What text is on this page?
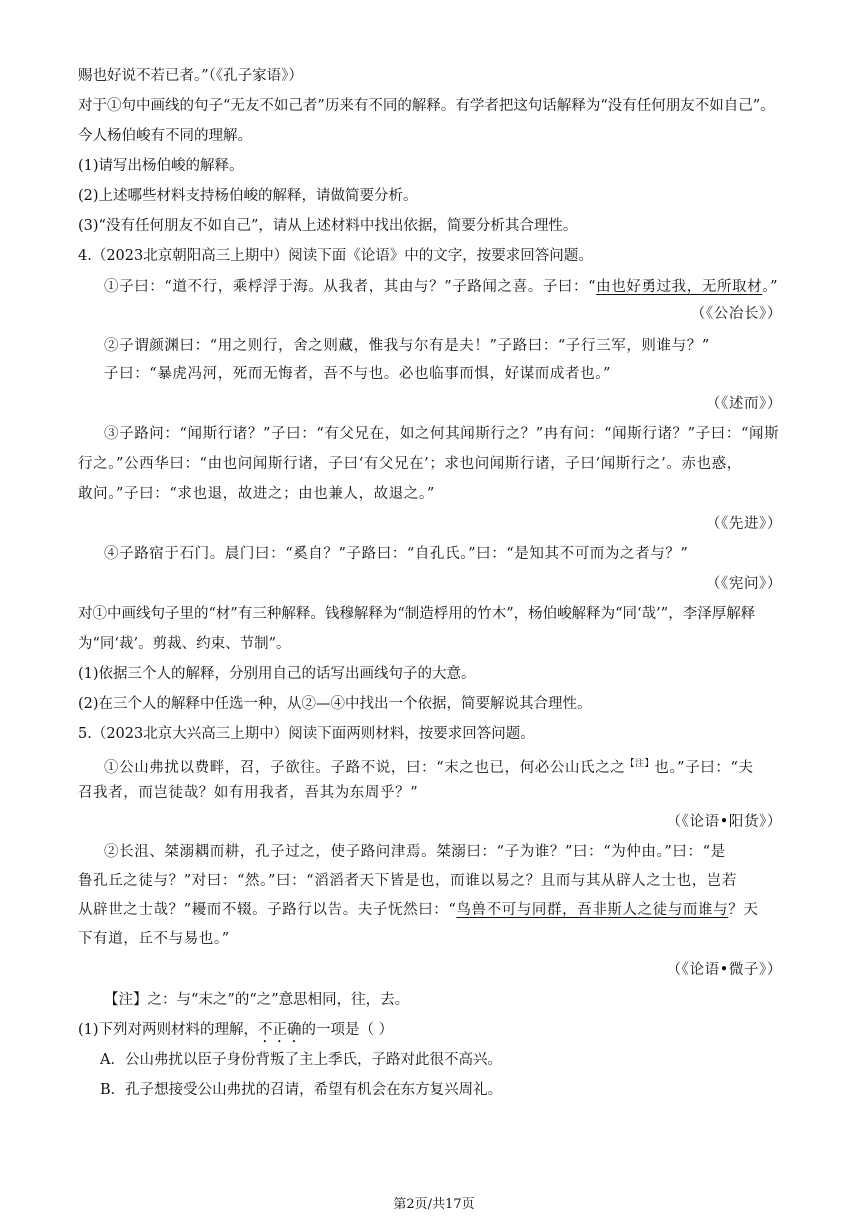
赐也好说不若已者。”（《孔子家语》）
对于①句中画线的句子“无友不如己者”历来有不同的解释。有学者把这句话解释为“没有任何朋友不如自己”。
今人杨伯峻有不同的理解。
(1)请写出杨伯峻的解释。
(2)上述哪些材料支持杨伯峻的解释，请做简要分析。
(3)“没有任何朋友不如自己”，请从上述材料中找出依据，简要分析其合理性。
4.（2023北京朝阳高三上期中）阅读下面《论语》中的文字，按要求回答问题。
①子曰：“道不行，乘桴浮于海。从我者，其由与？”子路闻之喜。子曰：“由也好勇过我，无所取材。”
（《公冶长》）
②子谓颜渊曰：“用之则行，舍之则藏，惟我与尔有是夫！”子路曰：“子行三军，则谁与？”
子曰：“暴虎冯河，死而无悔者，吾不与也。必也临事而惧，好谋而成者也。”
（《述而》）
③子路问：“闻斯行诸？”子曰：“有父兄在，如之何其闻斯行之？”冉有问：“闻斯行诸？”子曰：“闻斯
行之。”公西华曰：“由也问闻斯行诸，子曰‘有父兄在’；求也问闻斯行诸，子曰‘闻斯行之’。赤也惑，
敢问。”子曰：“求也退，故进之；由也兼人，故退之。”
（《先进》）
④子路宿于石门。晨门曰：“奚自？”子路曰：“自孔氏。”曰：“是知其不可而为之者与？”
（《宪问》）
对①中画线句子里的“材”有三种解释。钱穆解释为“制造桴用的竹木”，杨伯峻解释为“同‘哉’”，李泽厚解释
为“同‘裁’。剪裁、约束、节制”。
(1)依据三个人的解释，分别用自己的话写出画线句子的大意。
(2)在三个人的解释中任选一种，从②—④中找出一个依据，简要解说其合理性。
5.（2023北京大兴高三上期中）阅读下面两则材料，按要求回答问题。
①公山弗扰以费畔，召，子欲往。子路不说，曰：“末之也已，何必公山氏之之$^{【注】}$也。”子曰：“夫
召我者，而岂徒哉？如有用我者，吾其为东周乎？”
（《论语•阳货》）
②长沮、桀溺耦而耕，孔子过之，使子路问津焉。桀溺曰：“子为谁？”曰：“为仲由。”曰：“是
鲁孔丘之徒与？”对曰：“然。”曰：“滔滔者天下皆是也，而谁以易之？且而与其从辟人之士也，岂若
从辟世之士哉？”耰而不辍。子路行以告。夫子怃然曰：“鸟兽不可与同群，吾非斯人之徒与而谁与？天
下有道，丘不与易也。”
（《论语•微子》）
【注】之：与“末之”的“之”意思相同，往，去。
(1)下列对两则材料的理解，不正确的一项是（ ）
A．公山弗扰以臣子身份背叛了主上季氏，子路对此很不高兴。
B．孔子想接受公山弗扰的召请，希望有机会在东方复兴周礼。
第2页/共17页
